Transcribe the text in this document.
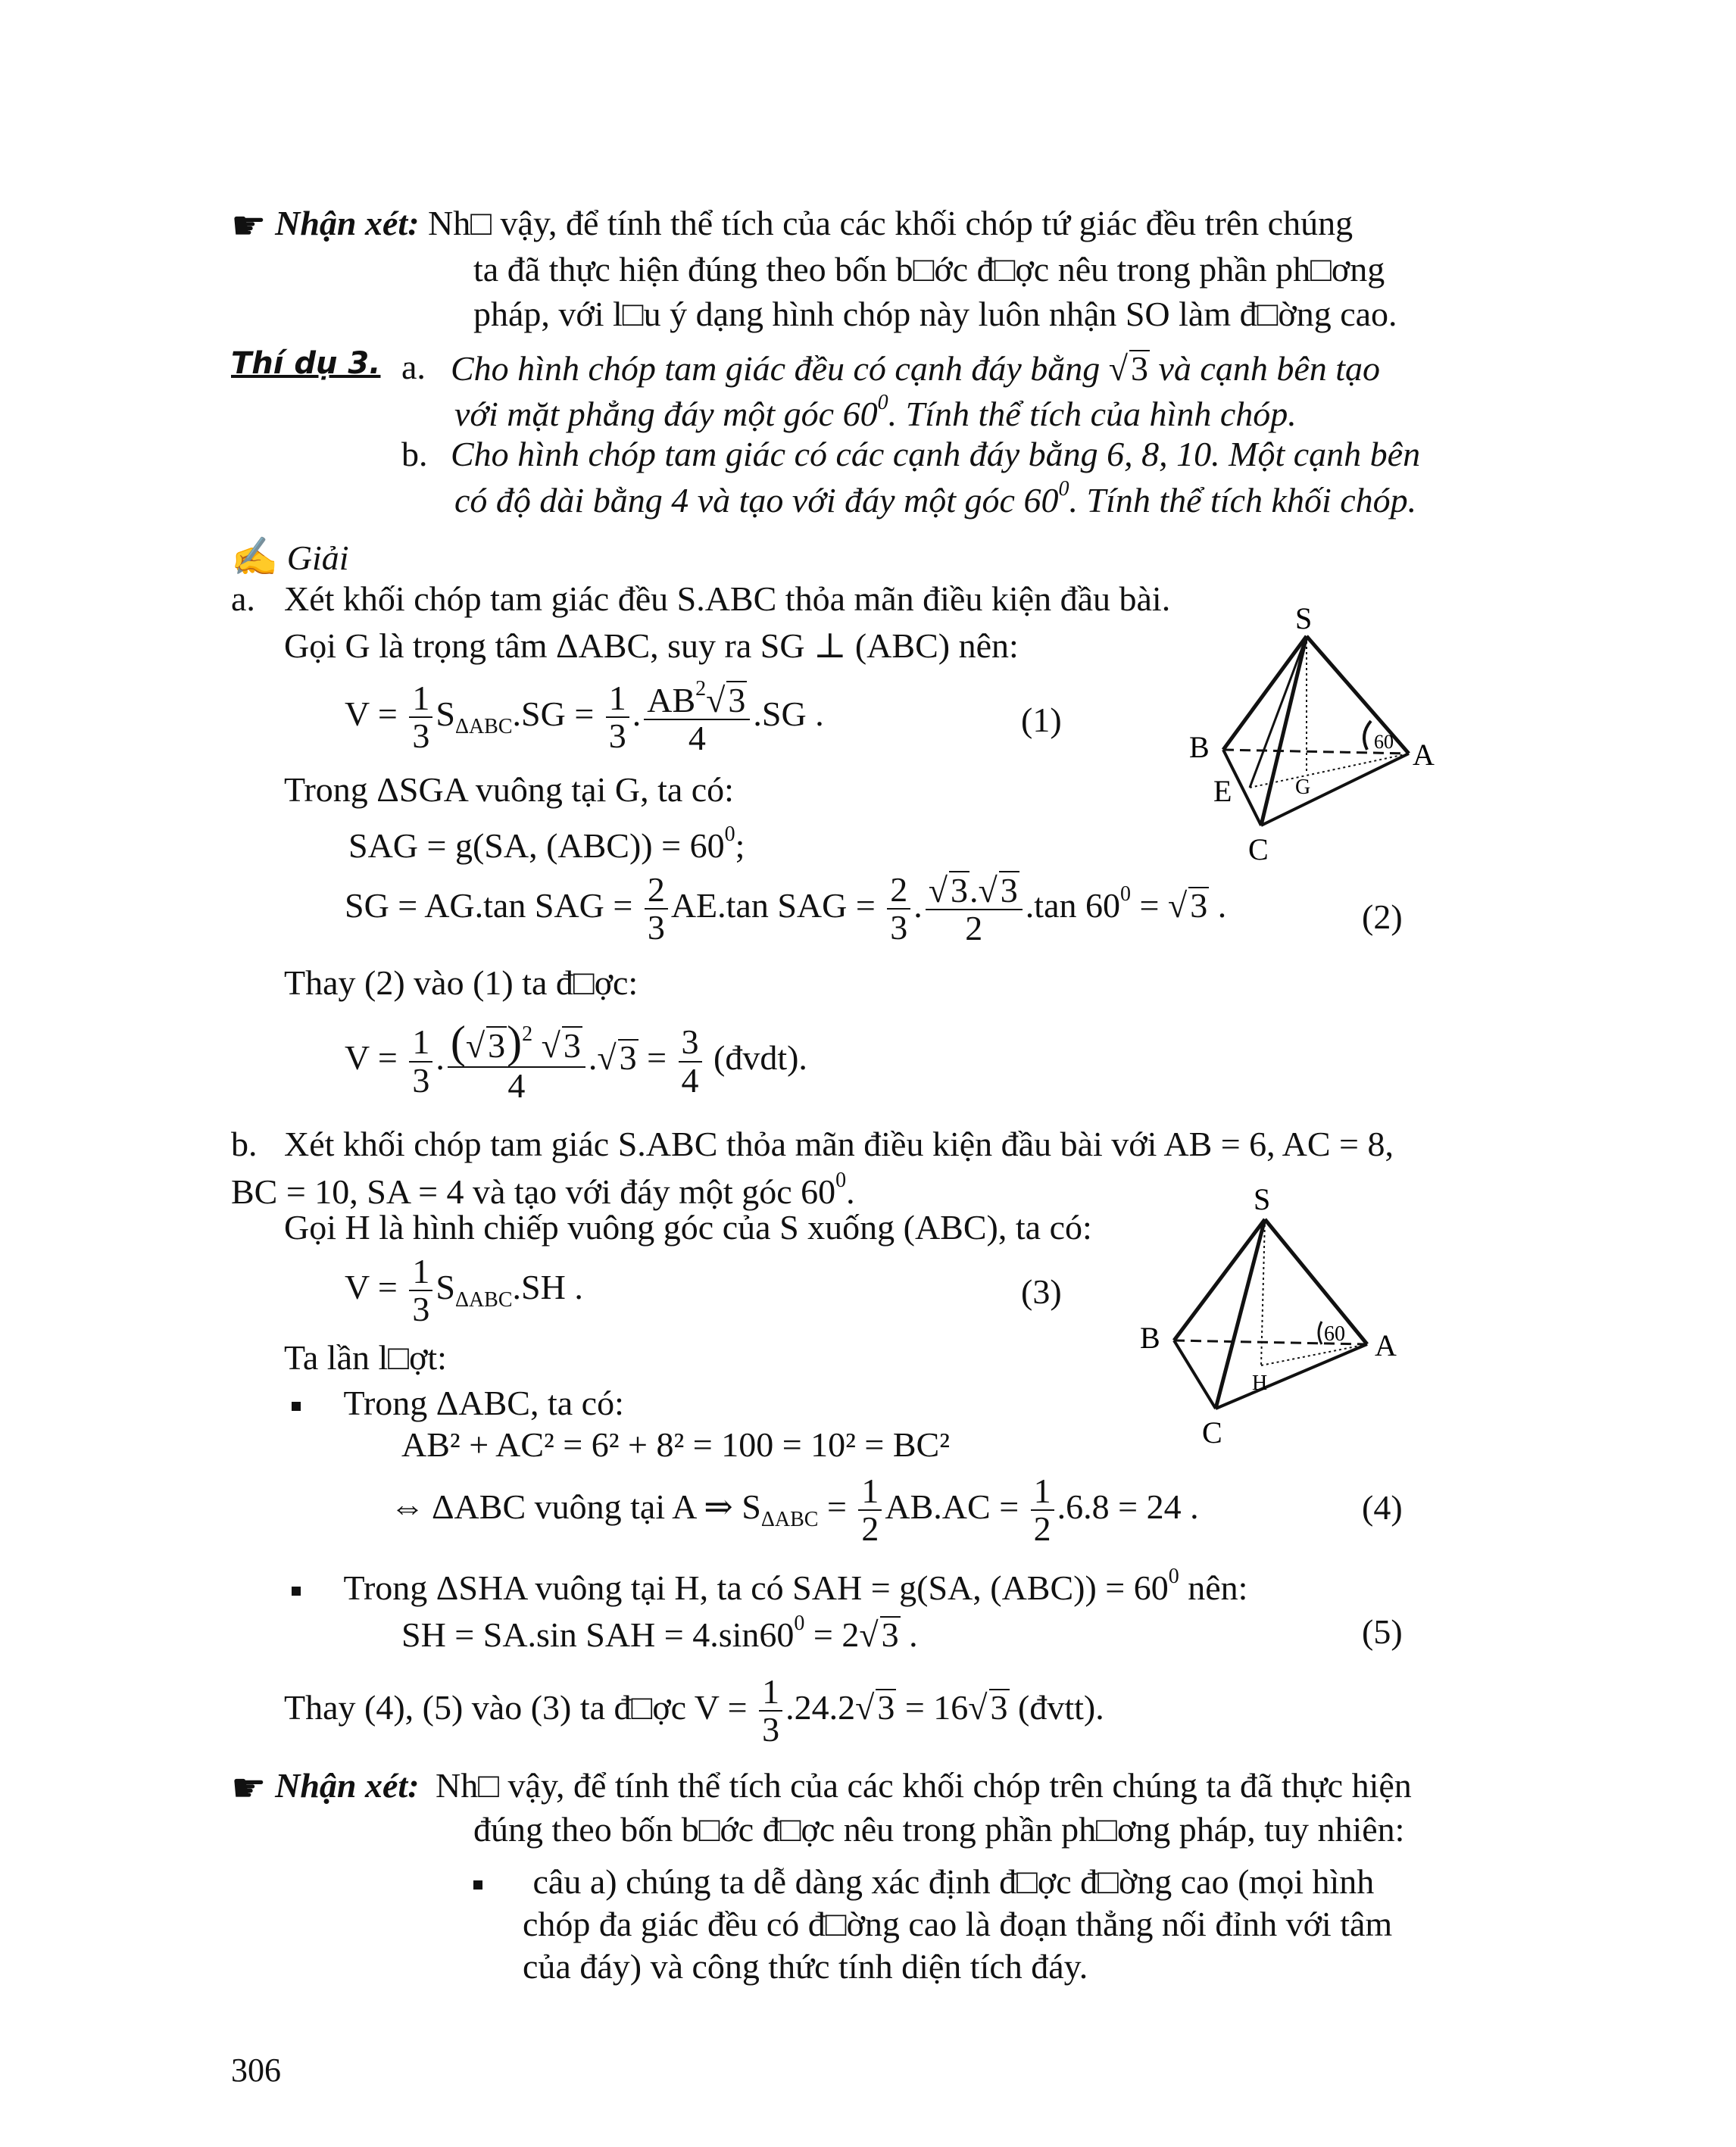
☛ Nhận xét: Nh□ vậy, để tính thể tích của các khối chóp tứ giác đều trên chúng
ta đã thực hiện đúng theo bốn b□ớc đ□ợc nêu trong phần ph□ơng
pháp, với l□u ý dạng hình chóp này luôn nhận SO làm đ□ờng cao.
Thí dụ 3. a. Cho hình chóp tam giác đều có cạnh đáy bằng √3 và cạnh bên tạo
với mặt phẳng đáy một góc $60^0$. Tính thể tích của hình chóp.
b. Cho hình chóp tam giác có các cạnh đáy bằng 6, 8, 10. Một cạnh bên
có độ dài bằng 4 và tạo với đáy một góc $60^0$. Tính thể tích khối chóp.
✍ Giải
a. Xét khối chóp tam giác đều S.ABC thỏa mãn điều kiện đầu bài.
Gọi G là trọng tâm ΔABC, suy ra SG ⊥ (ABC) nên:
$V = \frac{1}{3} S_{\Delta ABC}.SG = \frac{1}{3}$ . $\frac{AB^2√3}{4} .SG$ .	(1)
Trong ΔSGA vuông tại G, ta có:
SAG = g(SA, $(ABC)) = 60^0$;
SG = AG.tan SAG = $\frac{2}{3} AE.\tan$ SAG = $\frac{2}{3}$ . $\frac{√3.√3}{2} .\tan$ $60^0 = √3$ .	(2)
Thay (2) vào (1) ta đ□ợc:
$V = \frac{1}{3}$ . $\frac{(√3)^2 √3}{4} .√3 = \frac{3}{4}$ (đvdt).
b. Xét khối chóp tam giác S.ABC thỏa mãn điều kiện đầu bài với AB = 6, AC = 8,
BC = 10, SA = 4 và tạo với đáy một góc $60^0$.
Gọi H là hình chiếp vuông góc của S xuống (ABC), ta có:
$V = \frac{1}{3} S_{\Delta ABC}.SH$ .	(3)
Ta lần l□ợt:
Trong ΔABC, ta có:
AB² + AC² = 6² + 8² = 100 = 10² = BC²
⇔ ΔABC vuông tại A ⇒ $S_{\Delta ABC} = \frac{1}{2} AB.AC = \frac{1}{2} .6.8 = 24$ .	(4)
Trong ΔSHA vuông tại H, ta có SAH = g(SA, $(ABC)) = 60^0$ nên:
SH = SA.sin SAH = $4.\sin 60^0 = 2√3$ .	(5)
Thay (4), (5) vào (3) ta đ□ợc $V = \frac{1}{3} .24.2√3 = 16√3$ (đvtt).
☛ Nhận xét: Nh□ vậy, để tính thể tích của các khối chóp trên chúng ta đã thực hiện
đúng theo bốn b□ớc đ□ợc nêu trong phần ph□ơng pháp, tuy nhiên:
câu a) chúng ta dễ dàng xác định đ□ợc đ□ờng cao (mọi hình
chóp đa giác đều có đ□ờng cao là đoạn thẳng nối đỉnh với tâm
của đáy) và công thức tính diện tích đáy.
306
S
A
B
C
E	G
60
S
A
B
C
H
60
